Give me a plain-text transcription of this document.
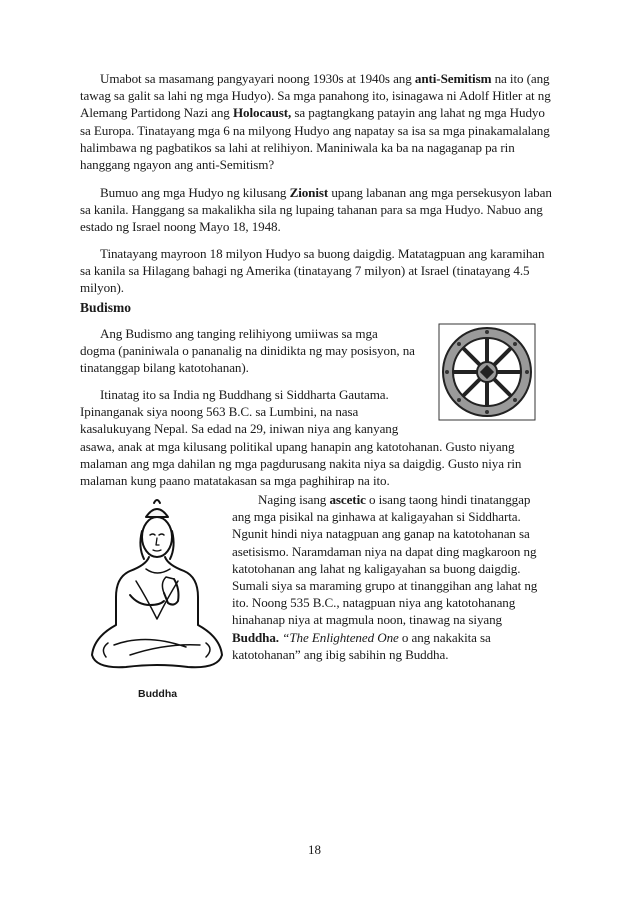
Umabot sa masamang pangyayari noong 1930s at 1940s ang anti-Semitism na ito (ang tawag sa galit sa lahi ng mga Hudyo). Sa mga panahong ito, isinagawa ni Adolf Hitler at ng Alemang Partidong Nazi ang Holocaust, sa pagtangkang patayin ang lahat ng mga Hudyo sa Europa. Tinatayang mga 6 na milyong Hudyo ang napatay sa isa sa mga pinakamalalang halimbawa ng pagbatikos sa lahi at relihiyon. Maniniwala ka ba na nagaganap pa rin hanggang ngayon ang anti-Semitism?

Bumuo ang mga Hudyo ng kilusang Zionist upang labanan ang mga persekusyon laban sa kanila. Hanggang sa makalikha sila ng lupaing tahanan para sa mga Hudyo. Nabuo ang estado ng Israel noong Mayo 18, 1948.

Tinatayang mayroon 18 milyon Hudyo sa buong daigdig. Matatagpuan ang karamihan sa kanila sa Hilagang bahagi ng Amerika (tinatayang 7 milyon) at Israel (tinatayang 4.5 milyon).

Budismo
Ang Budismo ang tanging relihiyong umiiwas sa mga
dogma (paniniwala o pananalig na dinidikta ng may posisyon, na
tinatanggap bilang katotohanan).
Itinatag ito sa India ng Buddhang si Siddharta Gautama.
Ipinanganak siya noong 563 B.C. sa Lumbini, na nasa
kasalukuyang Nepal. Sa edad na 29, iniwan niya ang kanyang
asawa, anak at mga kilusang politikal upang hanapin ang katotohanan. Gusto niyang malaman ang mga dahilan ng mga pagdurusang nakita niya sa daigdig. Gusto niya rin malaman kung paano matatakasan sa mga paghihirap na ito.
Naging isang ascetic o isang taong hindi tinatanggap
ang mga pisikal na ginhawa at kaligayahan si Siddharta.
Ngunit hindi niya natagpuan ang ganap na katotohanan sa
asetisismo. Naramdaman niya na dapat ding magkaroon ng
katotohanan ang lahat ng kaligayahan sa buong daigdig.
Sumali siya sa maraming grupo at tinanggihan ang lahat ng
ito. Noong 535 B.C., natagpuan niya ang katotohanang
hinahanap niya at magmula noon, tinawag na siyang
Buddha. “The Enlightened One o ang nakakita sa
katotohanan” ang ibig sabihin ng Buddha.
Buddha
18
